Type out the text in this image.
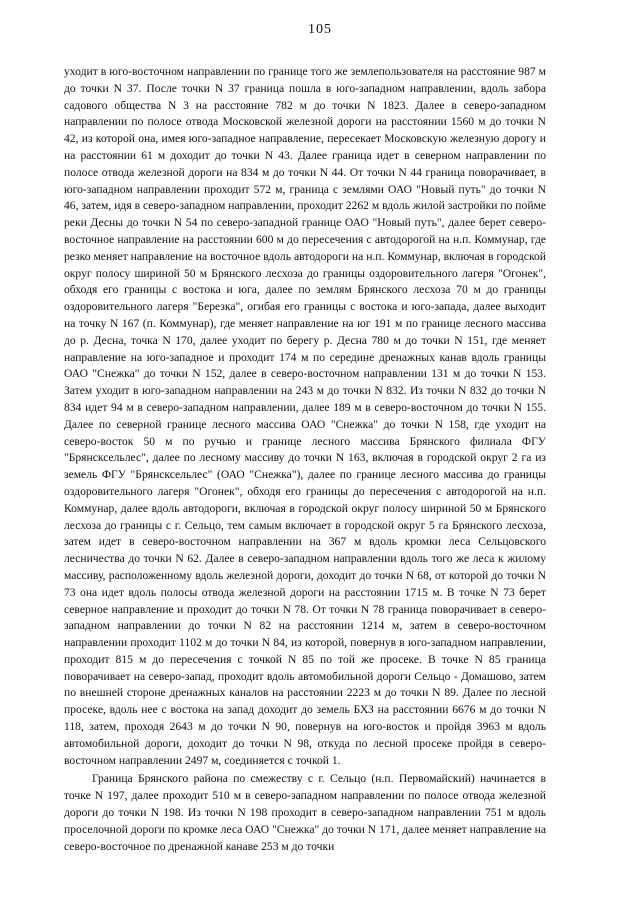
105

уходит в юго-восточном направлении по границе того же землепользователя на расстояние 987 м до точки N 37. После точки N 37 граница пошла в юго-западном направлении, вдоль забора садового общества N 3 на расстояние 782 м до точки N 1823. Далее в северо-западном направлении по полосе отвода Московской железной дороги на расстоянии 1560 м до точки N 42, из которой она, имея юго-западное направление, пересекает Московскую железную дорогу и на расстоянии 61 м доходит до точки N 43. Далее граница идет в северном направлении по полосе отвода железной дороги на 834 м до точки N 44. От точки N 44 граница поворачивает, в юго-западном направлении проходит 572 м, граница с землями ОАО "Новый путь" до точки N 46, затем, идя в северо-западном направлении, проходит 2262 м вдоль жилой застройки по пойме реки Десны до точки N 54 по северо-западной границе ОАО "Новый путь", далее берет северо-восточное направление на расстоянии 600 м до пересечения с автодорогой на н.п. Коммунар, где резко меняет направление на восточное вдоль автодороги на н.п. Коммунар, включая в городской округ полосу шириной 50 м Брянского лесхоза до границы оздоровительного лагеря "Огонек", обходя его границы с востока и юга, далее по землям Брянского лесхоза 70 м до границы оздоровительного лагеря "Березка", огибая его границы с востока и юго-запада, далее выходит на точку N 167 (п. Коммунар), где меняет направление на юг 191 м по границе лесного массива до р. Десна, точка N 170, далее уходит по берегу р. Десна 780 м до точки N 151, где меняет направление на юго-западное и проходит 174 м по середине дренажных канав вдоль границы ОАО "Снежка" до точки N 152, далее в северо-восточном направлении 131 м до точки N 153. Затем уходит в юго-западном направлении на 243 м до точки N 832. Из точки N 832 до точки N 834 идет 94 м в северо-западном направлении, далее 189 м в северо-восточном до точки N 155. Далее по северной границе лесного массива ОАО "Снежка" до точки N 158, где уходит на северо-восток 50 м по ручью и границе лесного массива Брянского филиала ФГУ "Брянсксельлес", далее по лесному массиву до точки N 163, включая в городской округ 2 га из земель ФГУ "Брянсксельлес" (ОАО "Снежка"), далее по границе лесного массива до границы оздоровительного лагеря "Огонек", обходя его границы до пересечения с автодорогой на н.п. Коммунар, далее вдоль автодороги, включая в городской округ полосу шириной 50 м Брянского лесхоза до границы с г. Сельцо, тем самым включает в городской округ 5 га Брянского лесхоза, затем идет в северо-восточном направлении на 367 м вдоль кромки леса Сельцовского лесничества до точки N 62. Далее в северо-западном направлении вдоль того же леса к жилому массиву, расположенному вдоль железной дороги, доходит до точки N 68, от которой до точки N 73 она идет вдоль полосы отвода железной дороги на расстоянии 1715 м. В точке N 73 берет северное направление и проходит до точки N 78. От точки N 78 граница поворачивает в северо-западном направлении до точки N 82 на расстоянии 1214 м, затем в северо-восточном направлении проходит 1102 м до точки N 84, из которой, повернув в юго-западном направлении, проходит 815 м до пересечения с точкой N 85 по той же просеке. В точке N 85 граница поворачивает на северо-запад, проходит вдоль автомобильной дороги Сельцо - Домашово, затем по внешней стороне дренажных каналов на расстоянии 2223 м до точки N 89. Далее по лесной просеке, вдоль нее с востока на запад доходит до земель БХЗ на расстоянии 6676 м до точки N 118, затем, проходя 2643 м до точки N 90, повернув на юго-восток и пройдя 3963 м вдоль автомобильной дороги, доходит до точки N 98, откуда по лесной просеке пройдя в северо-восточном направлении 2497 м, соединяется с точкой 1.

Граница Брянского района по смежеству с г. Сельцо (н.п. Первомайский) начинается в точке N 197, далее проходит 510 м в северо-западном направлении по полосе отвода железной дороги до точки N 198. Из точки N 198 проходит в северо-западном направлении 751 м вдоль проселочной дороги по кромке леса ОАО "Снежка" до точки N 171, далее меняет направление на северо-восточное по дренажной канаве 253 м до точки
